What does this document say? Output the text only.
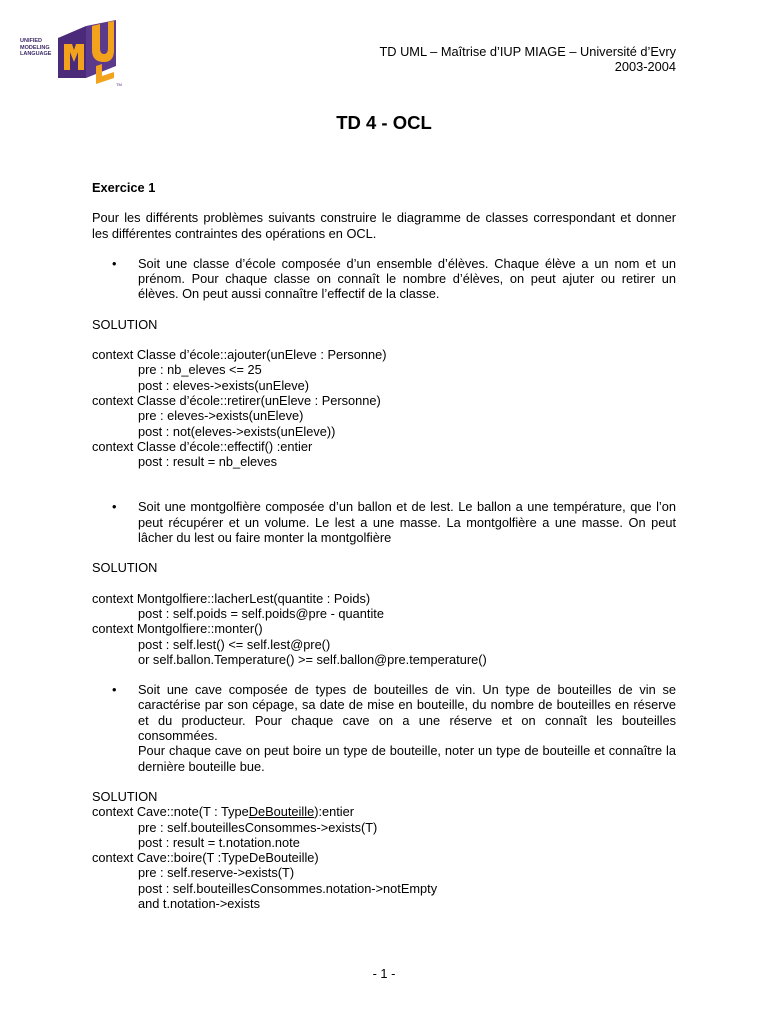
UNIFIED
MODELING
LANGUAGE
TM
TD UML – Maîtrise d’IUP MIAGE – Université d’Evry
2003-2004
TD 4 - OCL

Exercice 1

Pour les différents problèmes suivants construire le diagramme de classes correspondant et donner les différentes contraintes des opérations en OCL.

• Soit une classe d’école composée d’un ensemble d’élèves. Chaque élève a un nom et un prénom. Pour chaque classe on connaît le nombre d’élèves, on peut ajuter ou retirer un élèves. On peut aussi connaître l’effectif de la classe.

SOLUTION

context Classe d’école::ajouter(unEleve : Personne)

pre : nb_eleves <= 25

post : eleves->exists(unEleve)

context Classe d’école::retirer(unEleve : Personne)

pre : eleves->exists(unEleve)

post : not(eleves->exists(unEleve))

context Classe d’école::effectif() :entier

post : result = nb_eleves

• Soit une montgolfière composée d’un ballon et de lest. Le ballon a une température, que l’on peut récupérer et un volume. Le lest a une masse. La montgolfière a une masse. On peut lâcher du lest ou faire monter la montgolfière

SOLUTION

context Montgolfiere::lacherLest(quantite : Poids)

post : self.poids = self.poids@pre - quantite

context Montgolfiere::monter()

post : self.lest() <= self.lest@pre()

or self.ballon.Temperature() >= self.ballon@pre.temperature()

• Soit une cave composée de types de bouteilles de vin. Un type de bouteilles de vin se caractérise par son cépage, sa date de mise en bouteille, du nombre de bouteilles en réserve et du producteur. Pour chaque cave on a une réserve et on connaît les bouteilles consommées.

Pour chaque cave on peut boire un type de bouteille, noter un type de bouteille et connaître la dernière bouteille bue.

SOLUTION

context Cave::note(T : TypeDeBouteille):entier

pre : self.bouteillesConsommes->exists(T)

post : result = t.notation.note

context Cave::boire(T :TypeDeBouteille)

pre : self.reserve->exists(T)

post : self.bouteillesConsommes.notation->notEmpty

and t.notation->exists

- 1 -
